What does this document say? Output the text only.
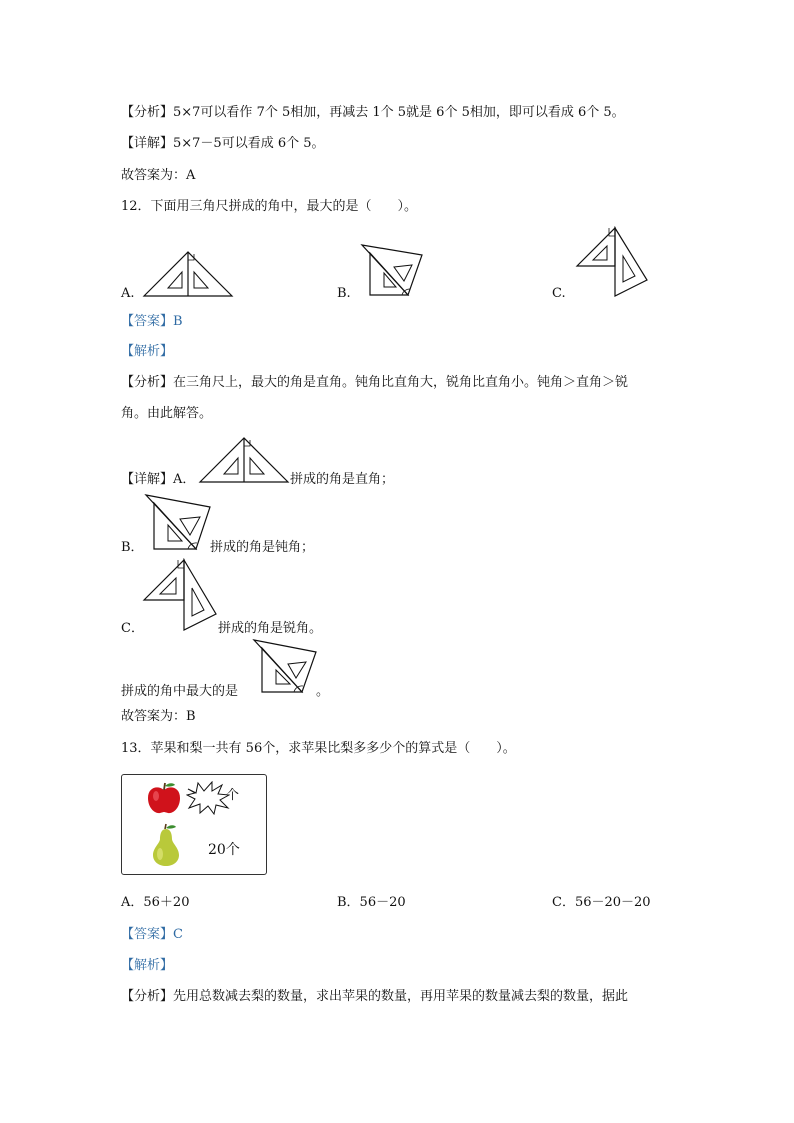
【分析】5×7可以看作 7个 5相加，再减去 1个 5就是 6个 5相加，即可以看成 6个 5。
【详解】5×7－5可以看成 6个 5。
故答案为：A
12．下面用三角尺拼成的角中，最大的是（　　）。
A.	B.	C.
【答案】B
【解析】
【分析】在三角尺上，最大的角是直角。钝角比直角大，锐角比直角小。钝角＞直角＞锐
角。由此解答。
【详解】A．	拼成的角是直角；
B．	拼成的角是钝角；
C．	拼成的角是锐角。
拼成的角中最大的是	。
故答案为：B
13．苹果和梨一共有 56个，求苹果比梨多多少个的算式是（　　）。
个
20个
A．56＋20	B．56－20	C．56－20－20
【答案】C
【解析】
【分析】先用总数减去梨的数量，求出苹果的数量，再用苹果的数量减去梨的数量，据此
